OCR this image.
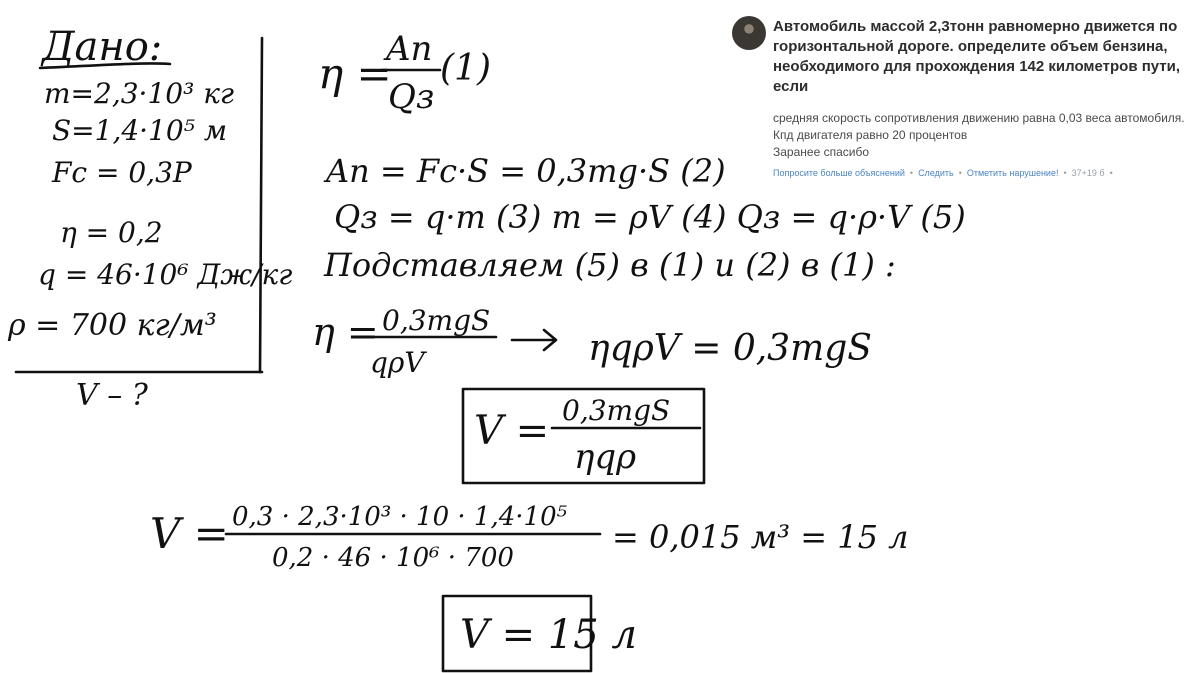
Дано:
m=2,3·10³ кг
S=1,4·10⁵ м
Fc = 0,3P
η = 0,2
q = 46·10⁶ Дж/кг
ρ = 700 кг/м³
V – ?
η =
Aп
Qз
(1)
Aп = Fc·S = 0,3mg·S (2)
Qз = q·m (3) m = ρV (4) Qз = q·ρ·V (5)
Подставляем (5) в (1) и (2) в (1) :
η = 0,3mgS
qρV	ηqρV = 0,3mgS
V = 0,3mgS
ηqρ
V = 0,3 · 2,3·10³ · 10 · 1,4·10⁵
0,2 · 46 · 10⁶ · 700
= 0,015 м³ = 15 л
V = 15 л
Автомобиль массой 2,3тонн равномерно движется по горизонтальной дороге. определите объем бензина, необходимого для прохождения 142 километров пути, если
средняя скорость сопротивления движению равна 0,03 веса автомобиля.
Кпд двигателя равно 20 процентов
Заранее спасибо
Попросите больше объяснений • Следить • Отметить нарушение! • 37+19 б •
